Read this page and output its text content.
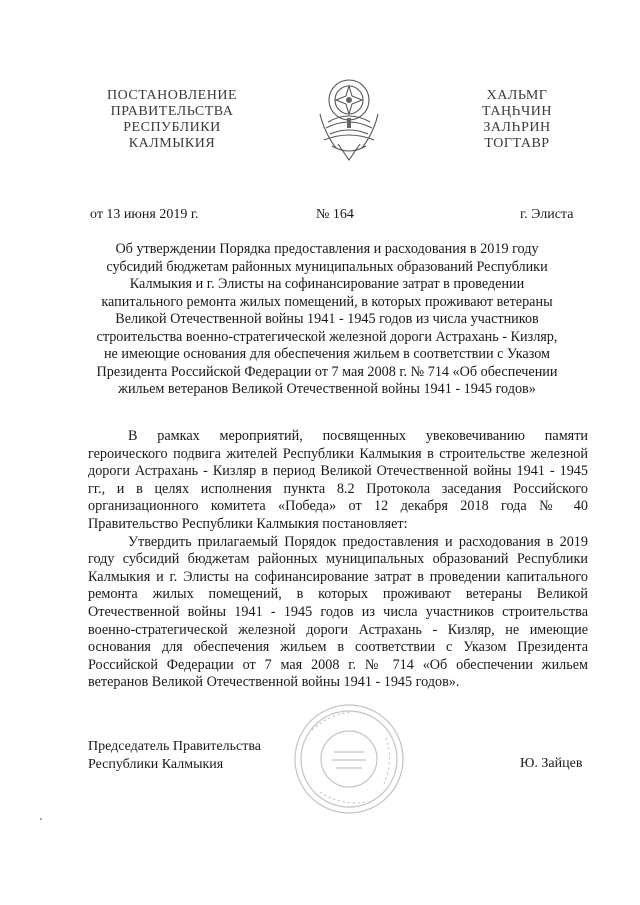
ПОСТАНОВЛЕНИЕ
ПРАВИТЕЛЬСТВА
РЕСПУБЛИКИ
КАЛМЫКИЯ
ХАЛЬМГ
ТАҢҺЧИН
ЗАЛҺРИН
ТОГТАВР
от 13 июня 2019 г.	№ 164	г. Элиста
Об утверждении Порядка предоставления и расходования в 2019 году
субсидий бюджетам районных муниципальных образований Республики
Калмыкия и г. Элисты на софинансирование затрат в проведении
капитального ремонта жилых помещений, в которых проживают ветераны
Великой Отечественной войны 1941 - 1945 годов из числа участников
строительства военно-стратегической железной дороги Астрахань - Кизляр,
не имеющие основания для обеспечения жильем в соответствии с Указом
Президента Российской Федерации от 7 мая 2008 г. № 714 «Об обеспечении
жильем ветеранов Великой Отечественной войны 1941 - 1945 годов»

В рамках мероприятий, посвященных увековечиванию памяти героического подвига жителей Республики Калмыкия в строительстве железной дороги Астрахань - Кизляр в период Великой Отечественной войны 1941 - 1945 гг., и в целях исполнения пункта 8.2 Протокола заседания Российского организационного комитета «Победа» от 12 декабря 2018 года № 40 Правительство Республики Калмыкия постановляет:

Утвердить прилагаемый Порядок предоставления и расходования в 2019 году субсидий бюджетам районных муниципальных образований Республики Калмыкия и г. Элисты на софинансирование затрат в проведении капитального ремонта жилых помещений, в которых проживают ветераны Великой Отечественной войны 1941 - 1945 годов из числа участников строительства военно-стратегической железной дороги Астрахань - Кизляр, не имеющие основания для обеспечения жильем в соответствии с Указом Президента Российской Федерации от 7 мая 2008 г. № 714 «Об обеспечении жильем ветеранов Великой Отечественной войны 1941 - 1945 годов».

Председатель Правительства
Республики Калмыкия	Ю. Зайцев
